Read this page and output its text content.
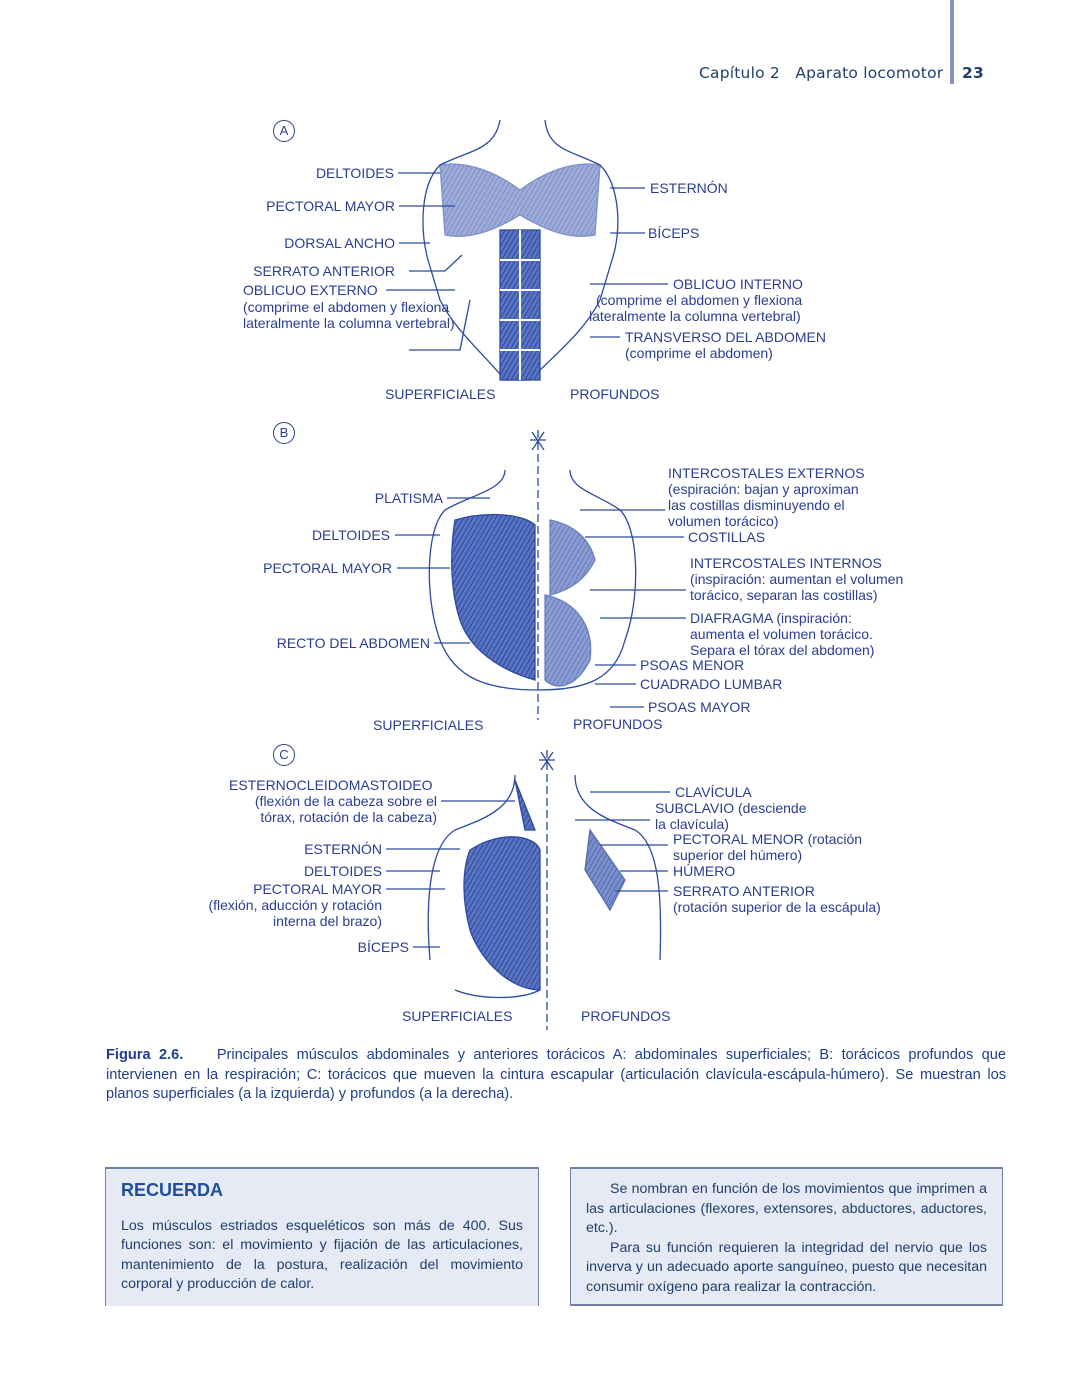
Capítulo 2   Aparato locomotor 23
A
DELTOIDES
PECTORAL MAYOR
DORSAL ANCHO
SERRATO ANTERIOR
OBLICUO EXTERNO
(comprime el abdomen y flexiona
lateralmente la columna vertebral)
ESTERNÓN
BÍCEPS
OBLICUO INTERNO
(comprime el abdomen y flexiona
lateralmente la columna vertebral)
TRANSVERSO DEL ABDOMEN
(comprime el abdomen)
SUPERFICIALES	PROFUNDOS
B
PLATISMA
DELTOIDES
PECTORAL MAYOR
RECTO DEL ABDOMEN
INTERCOSTALES EXTERNOS
(espiración: bajan y aproximan
las costillas disminuyendo el
volumen torácico)
COSTILLAS
INTERCOSTALES INTERNOS
(inspiración: aumentan el volumen
torácico, separan las costillas)
DIAFRAGMA (inspiración:
aumenta el volumen torácico.
Separa el tórax del abdomen)
PSOAS MENOR
CUADRADO LUMBAR
PSOAS MAYOR
SUPERFICIALES	PROFUNDOS
C
ESTERNOCLEIDOMASTOIDEO
(flexión de la cabeza sobre el
tórax, rotación de la cabeza)
ESTERNÓN
DELTOIDES
PECTORAL MAYOR
(flexión, aducción y rotación
interna del brazo)
BÍCEPS
CLAVÍCULA
SUBCLAVIO (desciende
la clavícula)
PECTORAL MENOR (rotación
superior del húmero)
HÚMERO
SERRATO ANTERIOR
(rotación superior de la escápula)
SUPERFICIALES	PROFUNDOS
Figura 2.6. Principales músculos abdominales y anteriores torácicos A: abdominales superficiales; B: torácicos profundos que intervienen en la respiración; C: torácicos que mueven la cintura escapular (articulación clavícula-escápula-húmero). Se muestran los planos superficiales (a la izquierda) y profundos (a la derecha).
RECUERDA

Los músculos estriados esqueléticos son más de 400. Sus funciones son: el movimiento y fijación de las articulaciones, mantenimiento de la postura, realización del movimiento corporal y producción de calor.

Se nombran en función de los movimientos que imprimen a las articulaciones (flexores, extensores, abductores, aductores, etc.).

Para su función requieren la integridad del nervio que los inverva y un adecuado aporte sanguíneo, puesto que necesitan consumir oxígeno para realizar la contracción.
